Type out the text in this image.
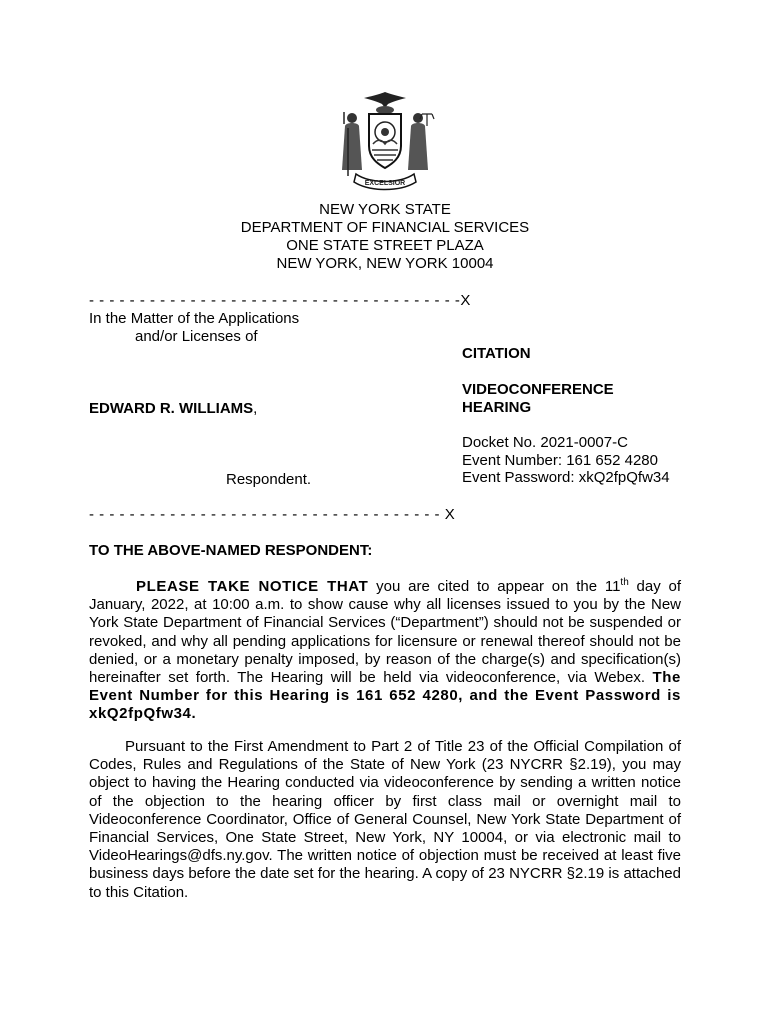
EXCELSIOR
NEW YORK STATE
DEPARTMENT OF FINANCIAL SERVICES
ONE STATE STREET PLAZA
NEW YORK, NEW YORK 10004
- - - - - - - - - - - - - - - - - - - - - - - - - - - - - - - - - - - - -X
- - - - - - - - - - - - - - - - - - - - - - - - - - - - - - - - - - - X
In the Matter of the Applications
and/or Licenses of
EDWARD R. WILLIAMS,
Respondent.
CITATION
VIDEOCONFERENCE
HEARING
Docket No. 2021-0007-C
Event Number: 161 652 4280
Event Password: xkQ2fpQfw34
TO THE ABOVE-NAMED RESPONDENT:
PLEASE TAKE NOTICE THAT you are cited to appear on the 11th day of January, 2022, at 10:00 a.m. to show cause why all licenses issued to you by the New York State Department of Financial Services (“Department”) should not be suspended or revoked, and why all pending applications for licensure or renewal thereof should not be denied, or a monetary penalty imposed, by reason of the charge(s) and specification(s) hereinafter set forth. The Hearing will be held via videoconference, via Webex. The Event Number for this Hearing is 161 652 4280, and the Event Password is xkQ2fpQfw34.
Pursuant to the First Amendment to Part 2 of Title 23 of the Official Compilation of Codes, Rules and Regulations of the State of New York (23 NYCRR §2.19), you may object to having the Hearing conducted via videoconference by sending a written notice of the objection to the hearing officer by first class mail or overnight mail to Videoconference Coordinator, Office of General Counsel, New York State Department of Financial Services, One State Street, New York, NY 10004, or via electronic mail to VideoHearings@dfs.ny.gov. The written notice of objection must be received at least five business days before the date set for the hearing. A copy of 23 NYCRR §2.19 is attached to this Citation.
